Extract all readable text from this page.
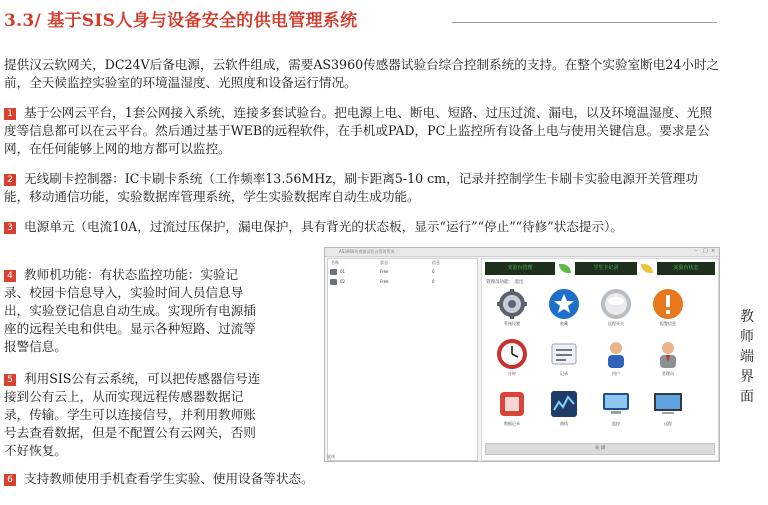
3.3/ 基于SIS人身与设备安全的供电管理系统
提供汉云软网关，DC24V后备电源，云软件组成，需要AS3960传感器试验台综合控制系统的支持。在整个实验室断电24小时之前，全天候监控实验室的环境温湿度、光照度和设备运行情况。
1 基于公网云平台，1套公网接入系统，连接多套试验台。把电源上电、断电、短路、过压过流、漏电，以及环境温湿度、光照度等信息都可以在云平台。然后通过基于WEB的远程软件，在手机或PAD，PC上监控所有设备上电与使用关键信息。要求是公网，在任何能够上网的地方都可以监控。
2 无线刷卡控制器：IC卡刷卡系统（工作频率13.56MHz，刷卡距离5-10 cm，记录并控制学生卡刷卡实验电源开关管理功能，移动通信功能，实验数据库管理系统，学生实验数据库自动生成功能。
3 电源单元（电流10A，过流过压保护，漏电保护，具有背光的状态板，显示“运行”“停止”“待修”状态提示）。
4 教师机功能：有状态监控功能：实验记录、校园卡信息导入，实验时间人员信息导出，实验登记信息自动生成。实现所有电源插座的远程关电和供电。显示各种短路、过流等报警信息。
5 利用SIS公有云系统，可以把传感器信号连接到公有云上，从而实现远程传感器数据记录，传输。学生可以连接信号，并利用教师账号去查看数据，但是不配置公有云网关，否则不好恢复。
6 支持教师使用手机查看学生实验、使用设备等状态。
教
师
端
界
面
AS3960传感器试验台管理系统	–	□ ×
名称	状态	信息
01	Free	0
02	Free	0
实验台管理	学生卡记录	实验台状态
管理员功能： 退出
系统设置	收藏	远程开关	报警信息
计时	记录	用户	管理员
数据记录	曲线	监控	远程
关 闭
就绪
